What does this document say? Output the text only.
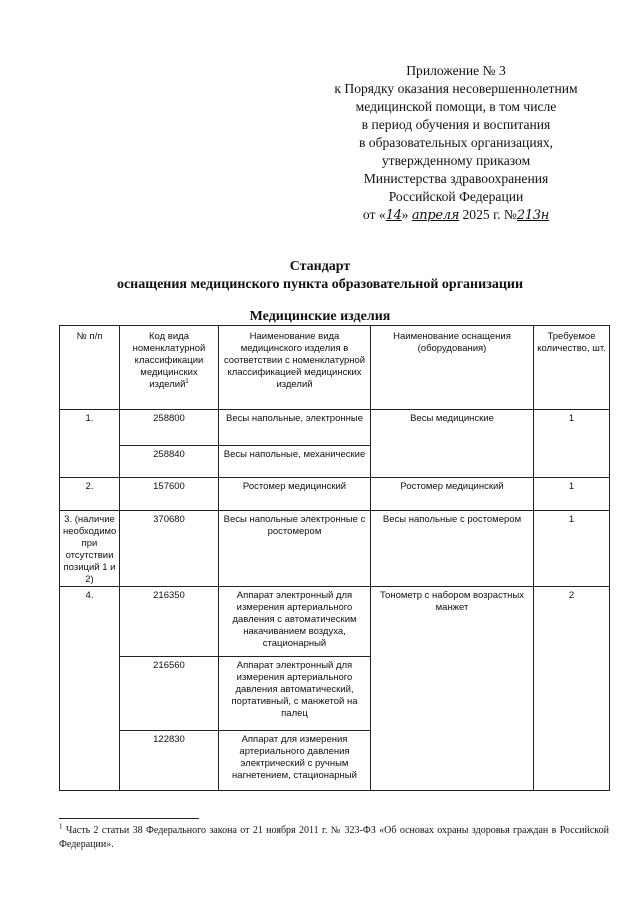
Приложение № 3
к Порядку оказания несовершеннолетним
медицинской помощи, в том числе
в период обучения и воспитания
в образовательных организациях,
утвержденному приказом
Министерства здравоохранения
Российской Федерации
от «14» апреля 2025 г. №213н
Стандарт
оснащения медицинского пункта образовательной организации
Медицинские изделия
№ п/п	Код вида номенклатурной классификации медицинских изделий$^1$	Наименование вида медицинского изделия в соответствии с номенклатурной классификацией медицинских изделий	Наименование оснащения (оборудования)	Требуемое количество, шт.
1.	258800	Весы напольные, электронные	Весы медицинские	1
	258840	Весы напольные, механические		
2.	157600	Ростомер медицинский	Ростомер медицинский	1
3. (наличие необходимо при отсутствии позиций 1 и 2)	370680	Весы напольные электронные с ростомером	Весы напольные с ростомером	1
4.	216350	Аппарат электронный для измерения артериального давления с автоматическим накачиванием воздуха, стационарный	Тонометр с набором возрастных манжет	2
	216560	Аппарат электронный для измерения артериального давления автоматический, портативный, с манжетой на палец		
	122830	Аппарат для измерения артериального давления электрический с ручным нагнетением, стационарный		
$^1$ Часть 2 статьи 38 Федерального закона от 21 ноября 2011 г. № 323-ФЗ «Об основах охраны здоровья граждан в Российской Федерации».
